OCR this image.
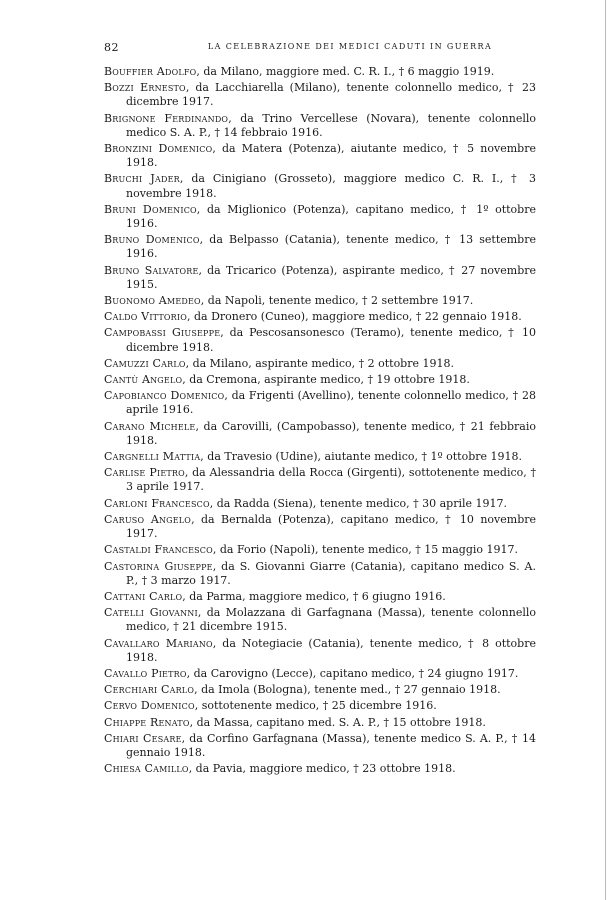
82	LA CELEBRAZIONE DEI MEDICI CADUTI IN GUERRA

Bouffier Adolfo, da Milano, maggiore med. C. R. I., † 6 maggio 1919.

Bozzi Ernesto, da Lacchiarella (Milano), tenente colonnello medico, † 23 dicembre 1917.

Brignone Ferdinando, da Trino Vercellese (Novara), tenente colonnello medico S. A. P., † 14 febbraio 1916.

Bronzini Domenico, da Matera (Potenza), aiutante medico, † 5 novembre 1918.

Bruchi Jader, da Cinigiano (Grosseto), maggiore medico C. R. I., † 3 novembre 1918.

Bruni Domenico, da Miglionico (Potenza), capitano medico, † 1º ottobre 1916.

Bruno Domenico, da Belpasso (Catania), tenente medico, † 13 settembre 1916.

Bruno Salvatore, da Tricarico (Potenza), aspirante medico, † 27 novembre 1915.

Buonomo Amedeo, da Napoli, tenente medico, † 2 settembre 1917.

Caldo Vittorio, da Dronero (Cuneo), maggiore medico, † 22 gennaio 1918.

Campobassi Giuseppe, da Pescosansonesco (Teramo), tenente medico, † 10 dicembre 1918.

Camuzzi Carlo, da Milano, aspirante medico, † 2 ottobre 1918.

Cantù Angelo, da Cremona, aspirante medico, † 19 ottobre 1918.

Capobianco Domenico, da Frigenti (Avellino), tenente colonnello medico, † 28 aprile 1916.

Carano Michele, da Carovilli, (Campobasso), tenente medico, † 21 febbraio 1918.

Cargnelli Mattia, da Travesio (Udine), aiutante medico, † 1º ottobre 1918.

Carlise Pietro, da Alessandria della Rocca (Girgenti), sottotenente medico, † 3 aprile 1917.

Carloni Francesco, da Radda (Siena), tenente medico, † 30 aprile 1917.

Caruso Angelo, da Bernalda (Potenza), capitano medico, † 10 novembre 1917.

Castaldi Francesco, da Forio (Napoli), tenente medico, † 15 maggio 1917.

Castorina Giuseppe, da S. Giovanni Giarre (Catania), capitano medico S. A. P., † 3 marzo 1917.

Cattani Carlo, da Parma, maggiore medico, † 6 giugno 1916.

Catelli Giovanni, da Molazzana di Garfagnana (Massa), tenente colonnello medico, † 21 dicembre 1915.

Cavallaro Mariano, da Notegiacie (Catania), tenente medico, † 8 ottobre 1918.

Cavallo Pietro, da Carovigno (Lecce), capitano medico, † 24 giugno 1917.

Cerchiari Carlo, da Imola (Bologna), tenente med., † 27 gennaio 1918.

Cervo Domenico, sottotenente medico, † 25 dicembre 1916.

Chiappe Renato, da Massa, capitano med. S. A. P., † 15 ottobre 1918.

Chiari Cesare, da Corfino Garfagnana (Massa), tenente medico S. A. P., † 14 gennaio 1918.

Chiesa Camillo, da Pavia, maggiore medico, † 23 ottobre 1918.
